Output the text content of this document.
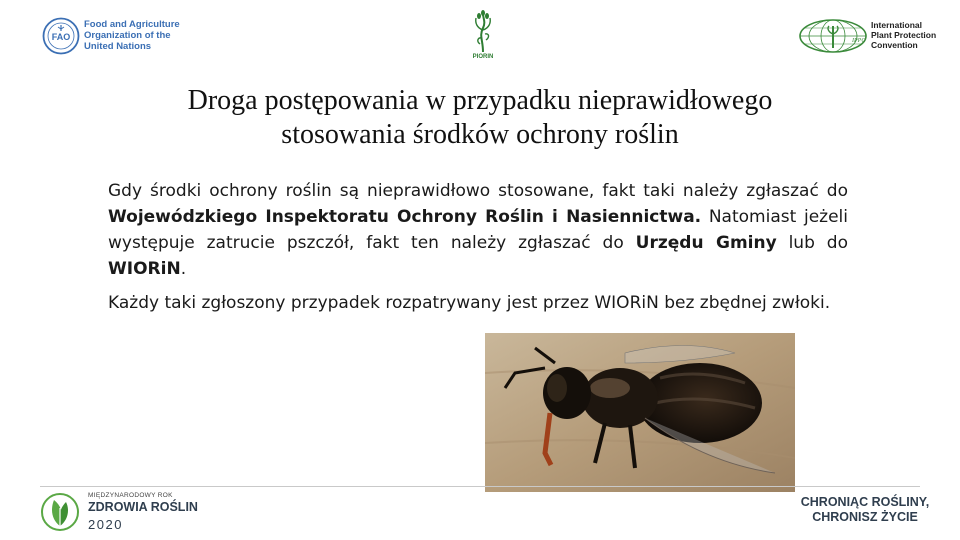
FAO
Food and Agriculture
Organization of the
United Nations
PIORIN
IPPC
International
Plant Protection
Convention
Droga postępowania w przypadku nieprawidłowego
stosowania środków ochrony roślin

Gdy środki ochrony roślin są nieprawidłowo stosowane, fakt taki należy zgłaszać do Wojewódzkiego Inspektoratu Ochrony Roślin i Nasiennictwa. Natomiast jeżeli występuje zatrucie pszczół, fakt ten należy zgłaszać do Urzędu Gminy lub do WIORiN.

Każdy taki zgłoszony przypadek rozpatrywany jest przez WIORiN bez zbędnej zwłoki.

MIĘDZYNARODOWY ROK
ZDROWIA ROŚLIN
2020
CHRONIĄC ROŚLINY,
CHRONISZ ŻYCIE
